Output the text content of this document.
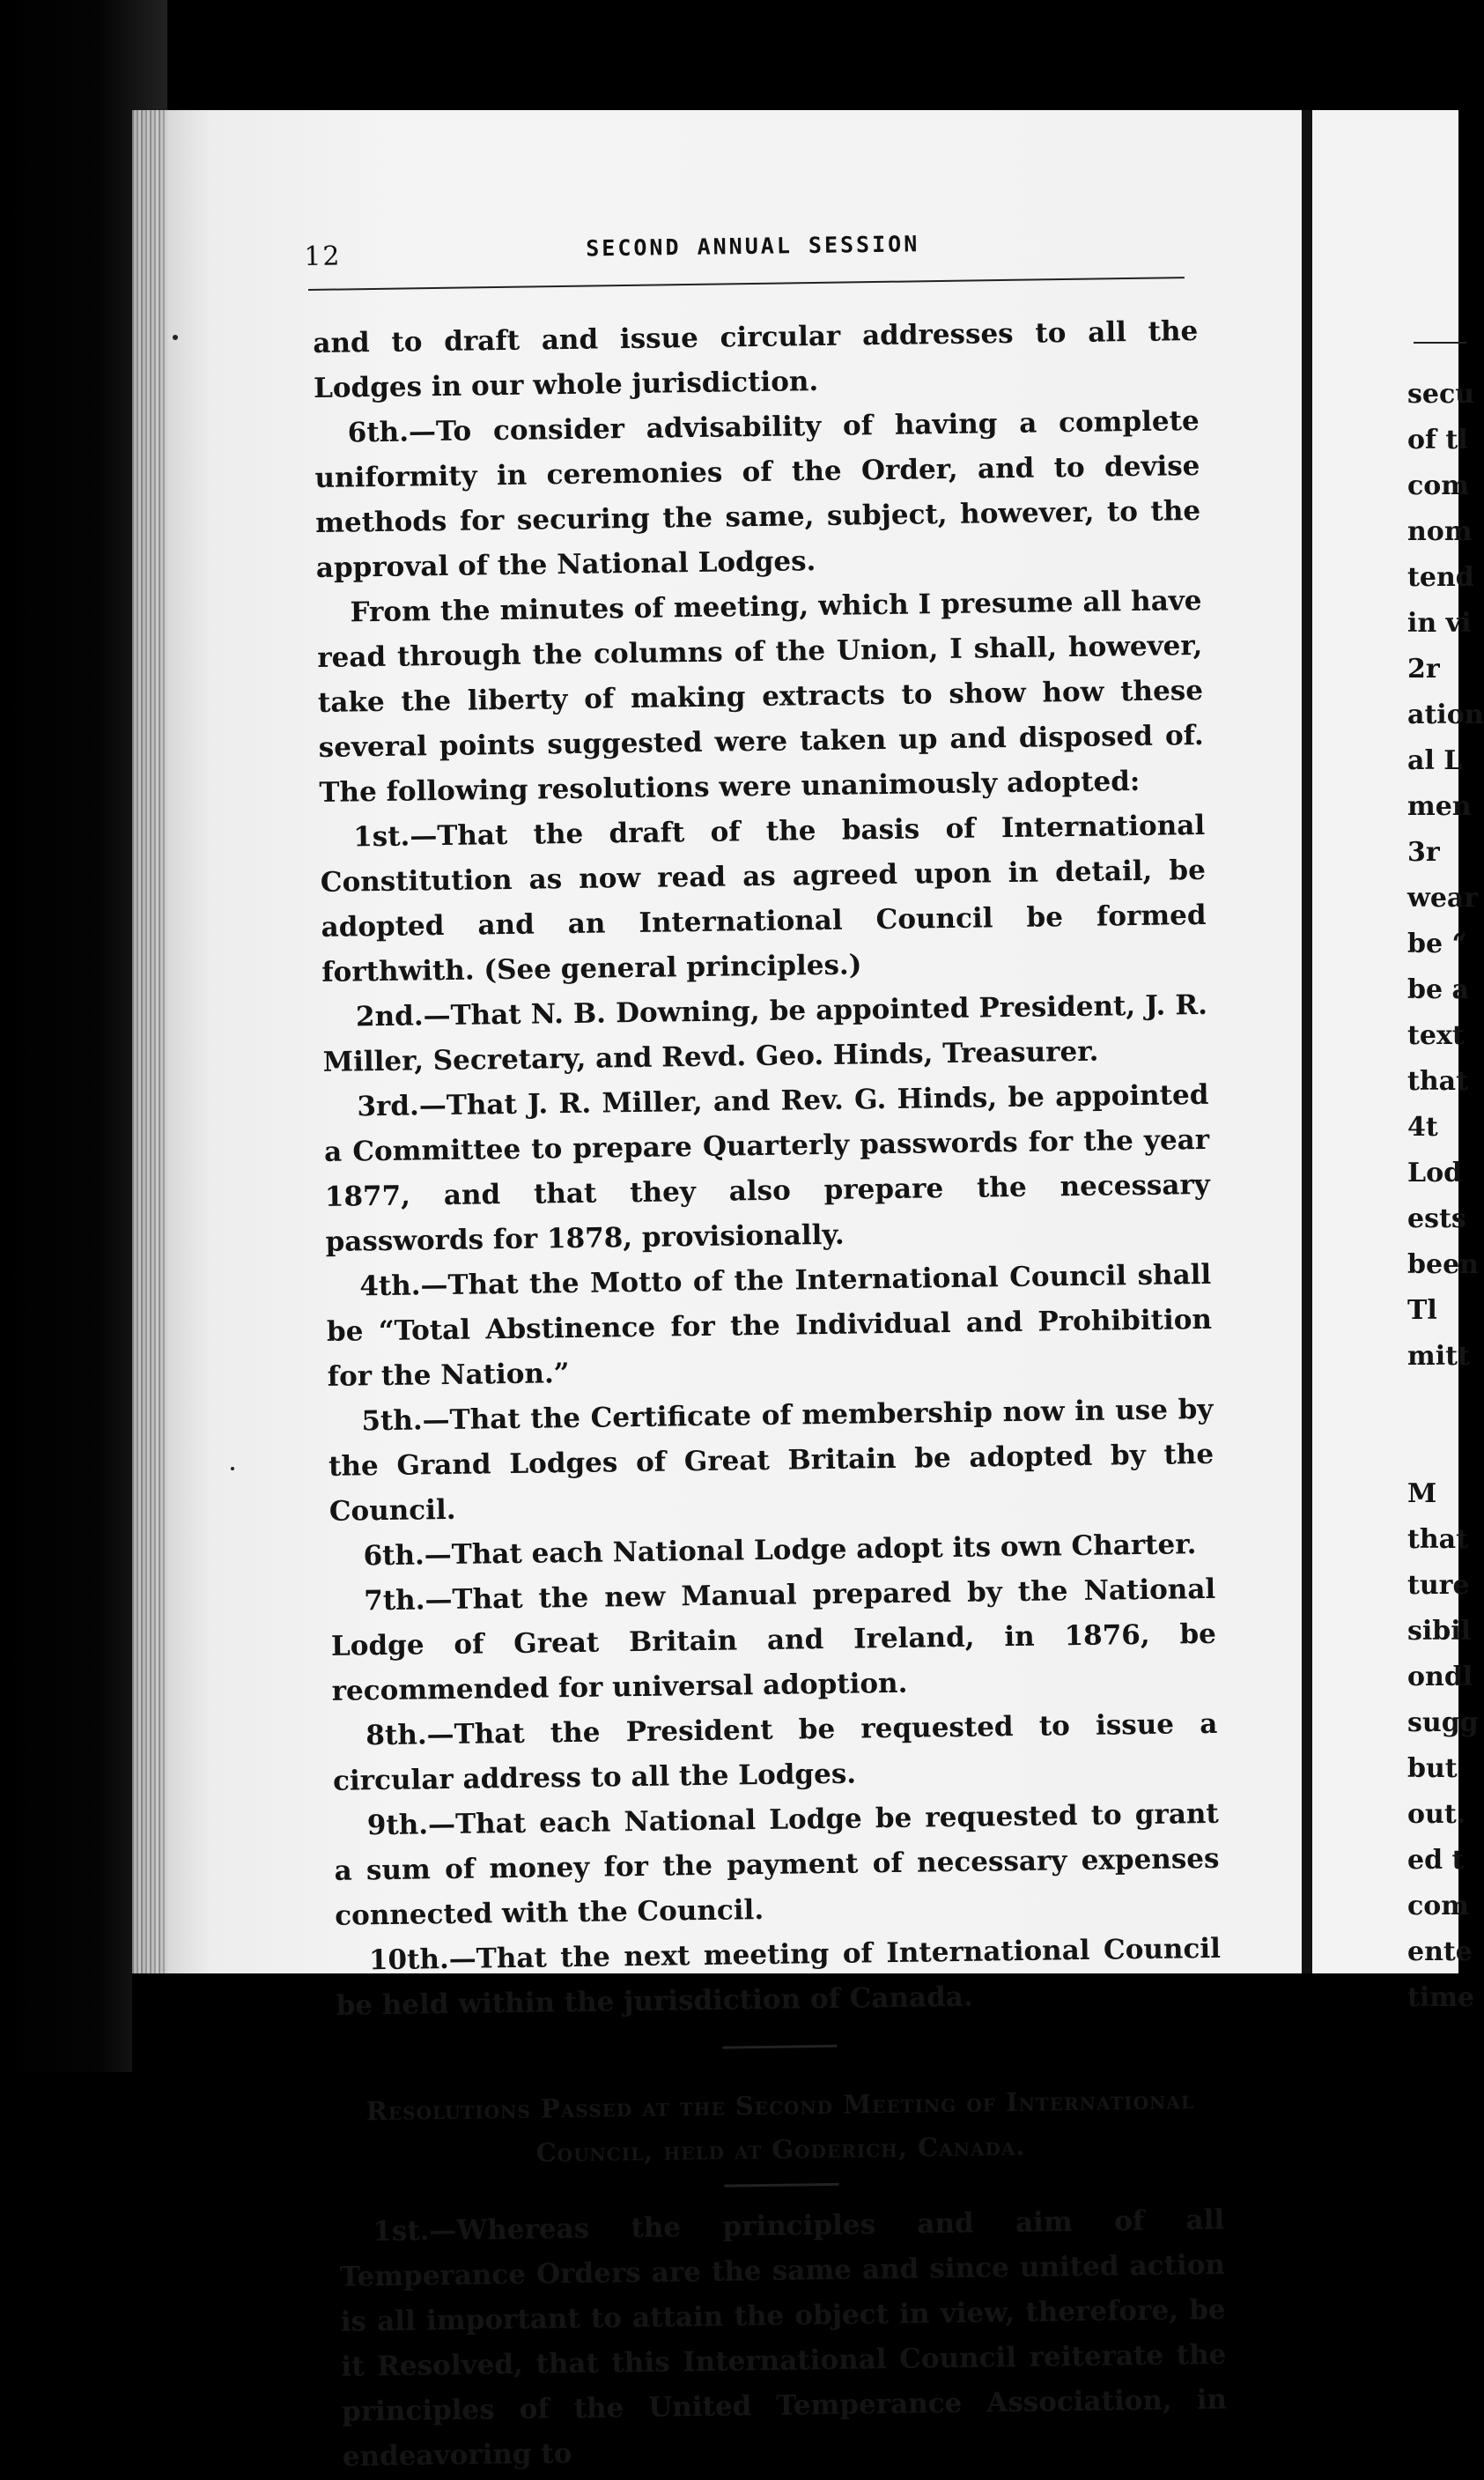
12	SECOND ANNUAL SESSION

and to draft and issue circular addresses to all the Lodges in our whole jurisdiction.

6th.—To consider advisability of having a complete uniformity in ceremonies of the Order, and to devise methods for securing the same, subject, however, to the approval of the National Lodges.

From the minutes of meeting, which I presume all have read through the columns of the Union, I shall, however, take the liberty of making extracts to show how these several points suggested were taken up and disposed of. The following resolutions were unanimously adopted:

1st.—That the draft of the basis of International Constitution as now read as agreed upon in detail, be adopted and an International Council be formed forthwith. (See general principles.)

2nd.—That N. B. Downing, be appointed President, J. R. Miller, Secretary, and Revd. Geo. Hinds, Treasurer.

3rd.—That J. R. Miller, and Rev. G. Hinds, be appointed a Committee to prepare Quarterly passwords for the year 1877, and that they also prepare the necessary passwords for 1878, provisionally.

4th.—That the Motto of the International Council shall be “Total Abstinence for the Individual and Prohibition for the Nation.”

5th.—That the Certificate of membership now in use by the Grand Lodges of Great Britain be adopted by the Council.

6th.—That each National Lodge adopt its own Charter.

7th.—That the new Manual prepared by the National Lodge of Great Britain and Ireland, in 1876, be recommended for universal adoption.

8th.—That the President be requested to issue a circular address to all the Lodges.

9th.—That each National Lodge be requested to grant a sum of money for the payment of necessary expenses connected with the Council.

10th.—That the next meeting of International Council be held within the jurisdiction of Canada.

Resolutions Passed at the Second Meeting of International Council, held at Goderich, Canada.

1st.—Whereas the principles and aim of all Temperance Orders are the same and since united action is all important to attain the object in view, therefore, be it Resolved, that this International Council reiterate the principles of the United Temperance Association, in endeavoring to

secu
of tl
com
nom
tend
in vi
2r
ation
al L
men
3r
wear
be “
be a
text
that
4t
Lod
ests
been
Tl
mitt
M
that
ture
sibil
ondl
sugg
but
out.
ed t
com
ente
time
